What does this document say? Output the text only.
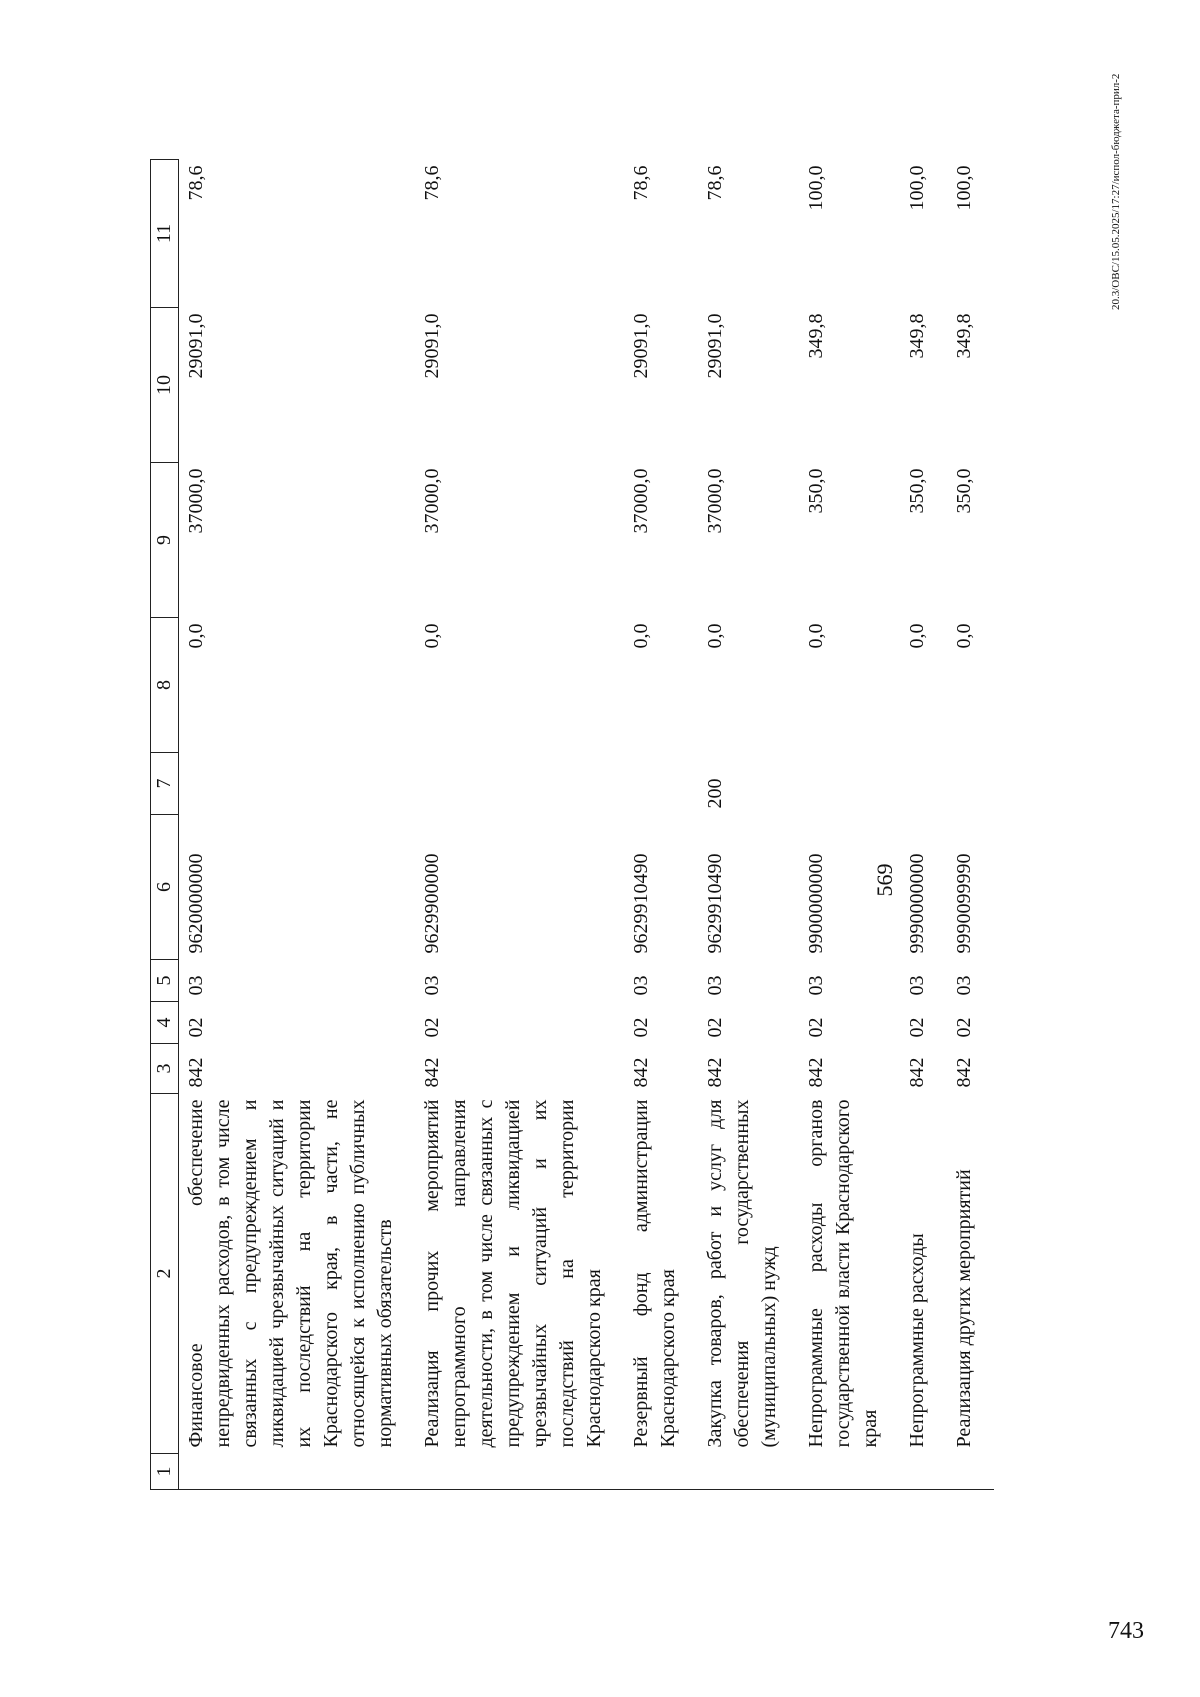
569
20.3/OBC/15.05.2025/17:27/испол-бюджета-прил-2
1	2	3	4	5	6	7	8	9	10	11
	Финансовое обеспечение непредвиденных расходов, в том числе связанных с предупреждением и ликвидацией чрезвычайных ситуаций и их последствий на территории Краснодарского края, в части, не относящейся к исполнению публичных нормативных обязательств	842	02	03	9620000000		0,0	37000,0	29091,0	78,6
	Реализация прочих мероприятий непрограммного направления деятельности, в том числе связанных с предупреждением и ликвидацией чрезвычайных ситуаций и их последствий на территории Краснодарского края	842	02	03	9629900000		0,0	37000,0	29091,0	78,6
	Резервный фонд администрации Краснодарского края	842	02	03	9629910490		0,0	37000,0	29091,0	78,6
	Закупка товаров, работ и услуг для обеспечения государственных (муниципальных) нужд	842	02	03	9629910490	200	0,0	37000,0	29091,0	78,6
	Непрограммные расходы органов государственной власти Краснодарского края	842	02	03	9900000000		0,0	350,0	349,8	100,0
	Непрограммные расходы	842	02	03	9990000000		0,0	350,0	349,8	100,0
	Реализация других мероприятий	842	02	03	9990099990		0,0	350,0	349,8	100,0
743
